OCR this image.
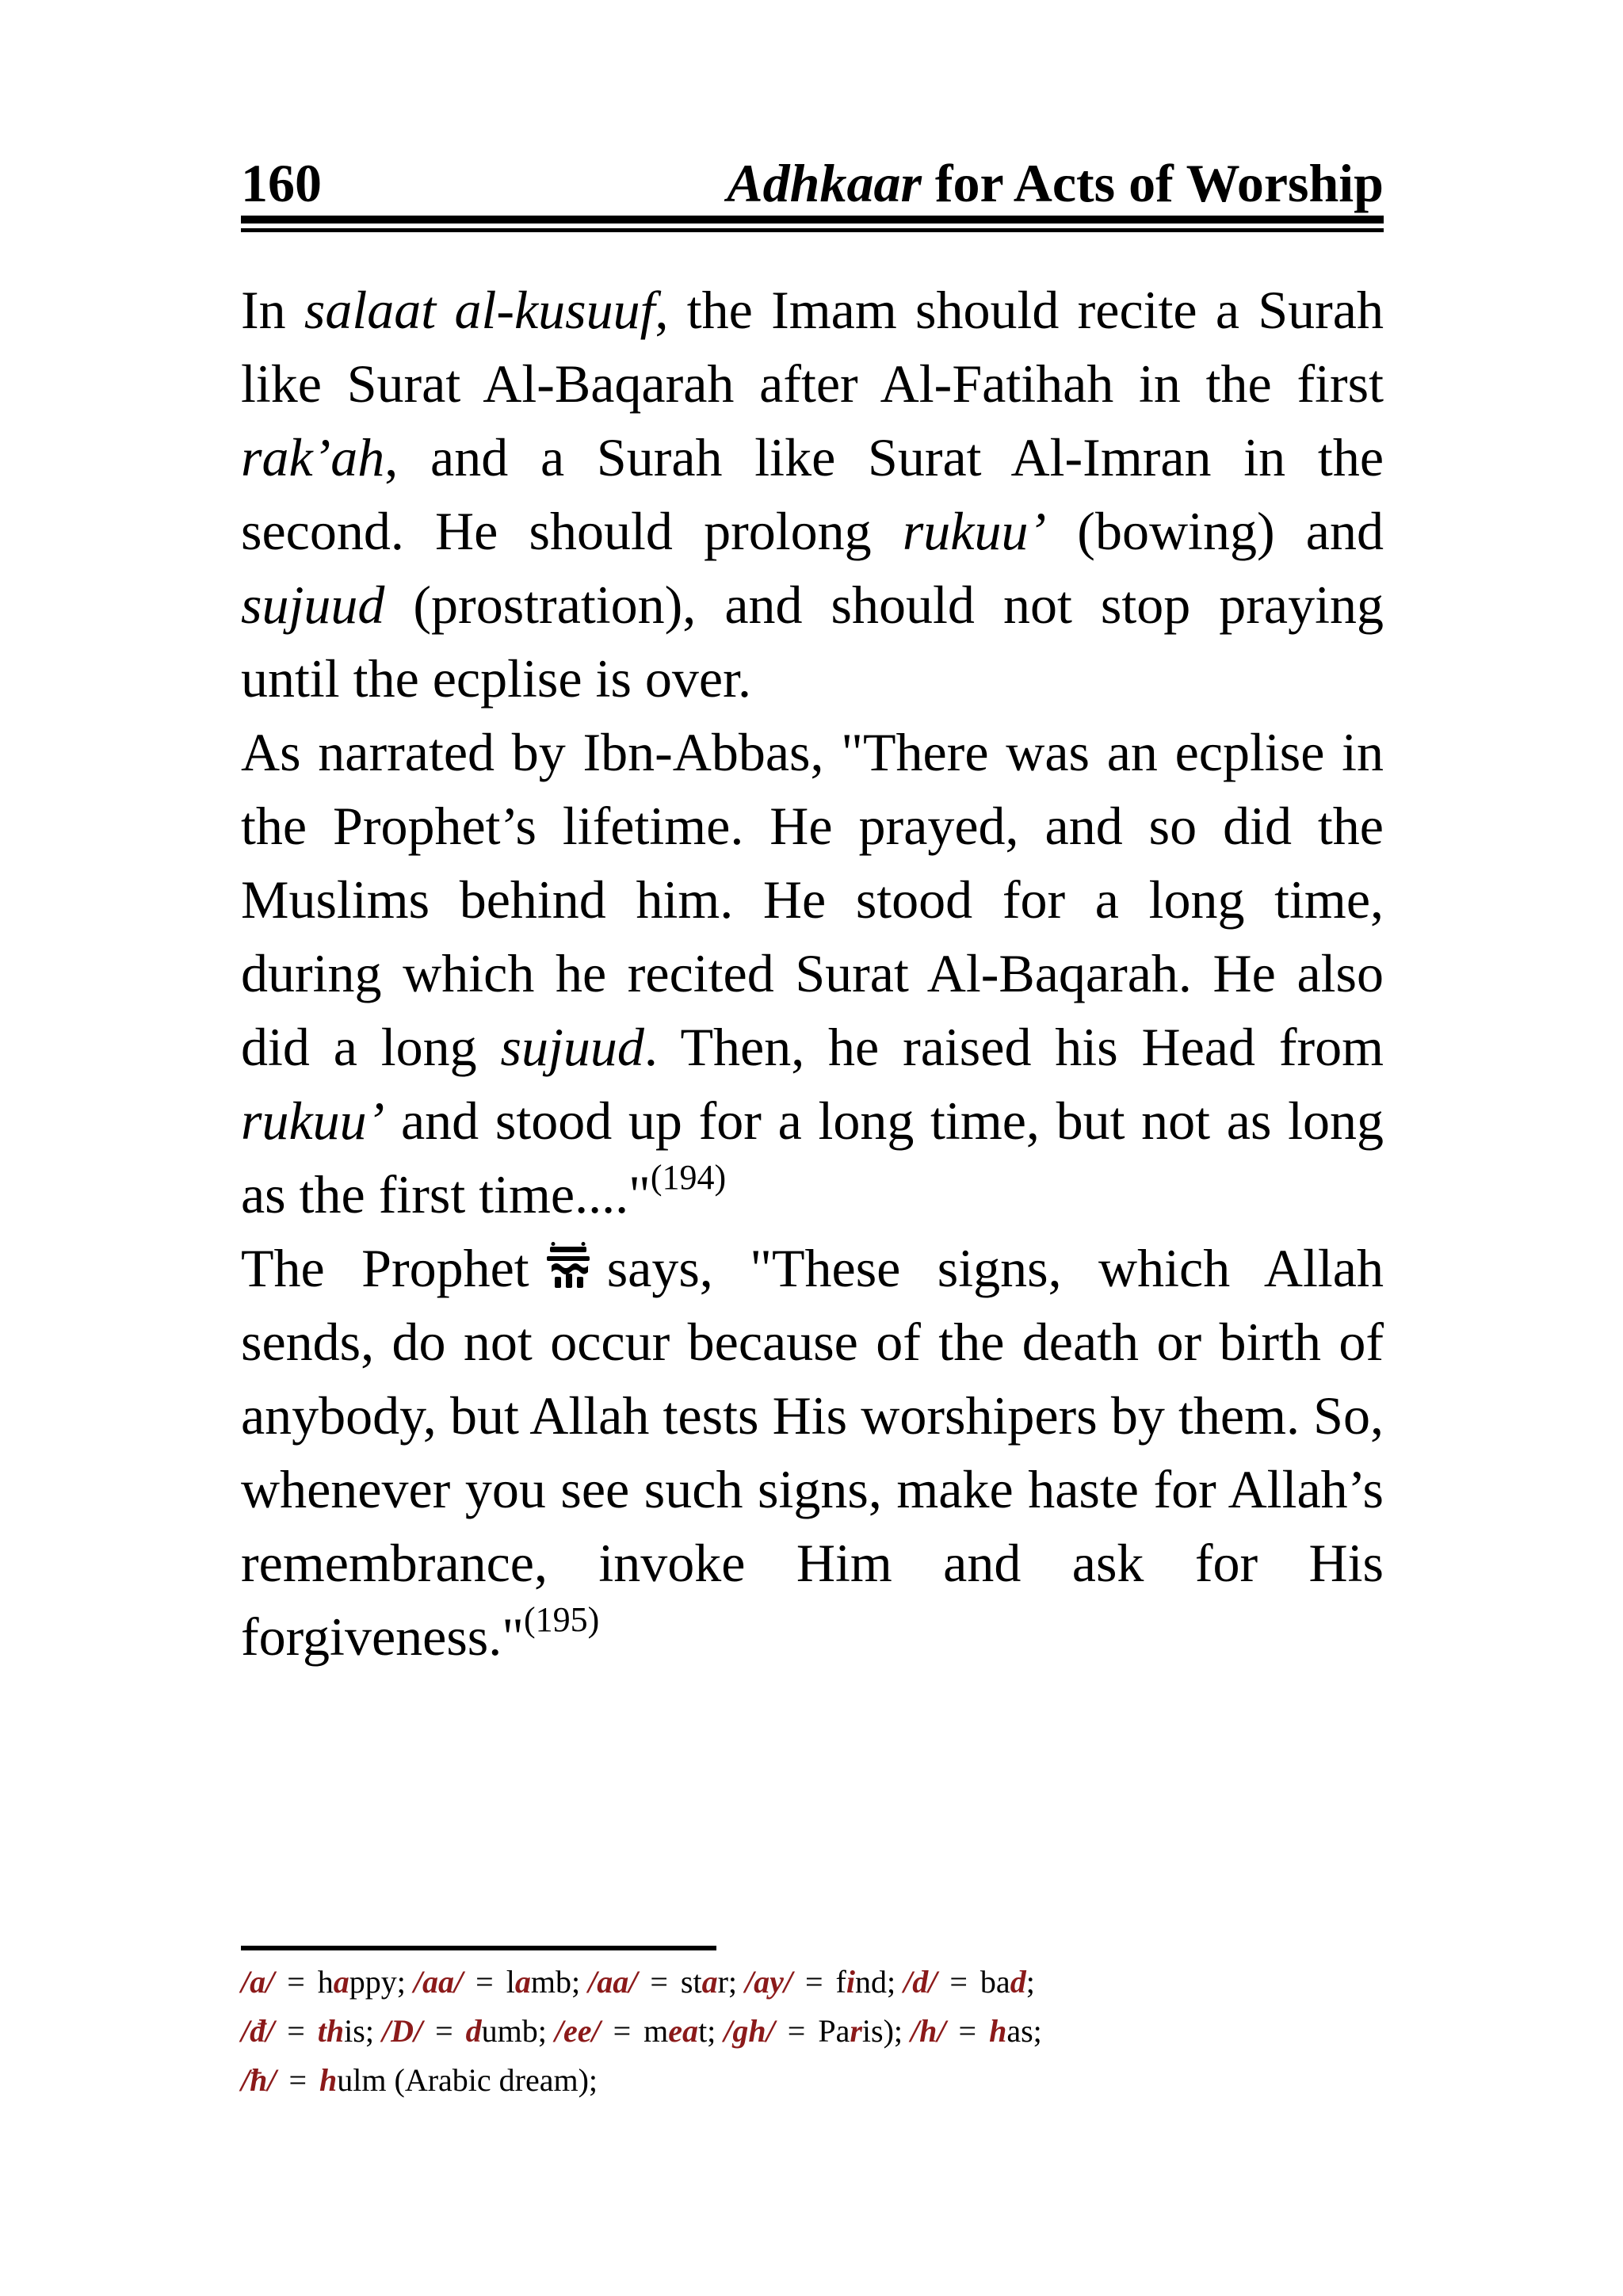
160	Adhkaar for Acts of Worship

In salaat al-kusuuf, the Imam should recite a Surah like Surat Al-Baqarah after Al-Fatihah in the first rak’ah, and a Surah like Surat Al-Imran in the second. He should prolong rukuu’ (bowing) and sujuud (prostration), and should not stop praying until the ecplise is over.

As narrated by Ibn-Abbas, "There was an ecplise in the Prophet’s lifetime. He prayed, and so did the Muslims behind him. He stood for a long time, during which he recited Surat Al-Baqarah. He also did a long sujuud. Then, he raised his Head from rukuu’ and stood up for a long time, but not as long as the first time...."$^{(194)}$

The Prophet says, "These signs, which Allah sends, do not occur because of the death or birth of anybody, but Allah tests His worshipers by them. So, whenever you see such signs, make haste for Allah’s remembrance, invoke Him and ask for His forgiveness."$^{(195)}$

/a/ = happy; /aa/ = lamb; /aa/ = star; /ay/ = find; /d/ = bad;

/đ/ = this; /D/ = dumb; /ee/ = meat; /gh/ = Paris); /h/ = has;

/ħ/ = hulm (Arabic dream);
